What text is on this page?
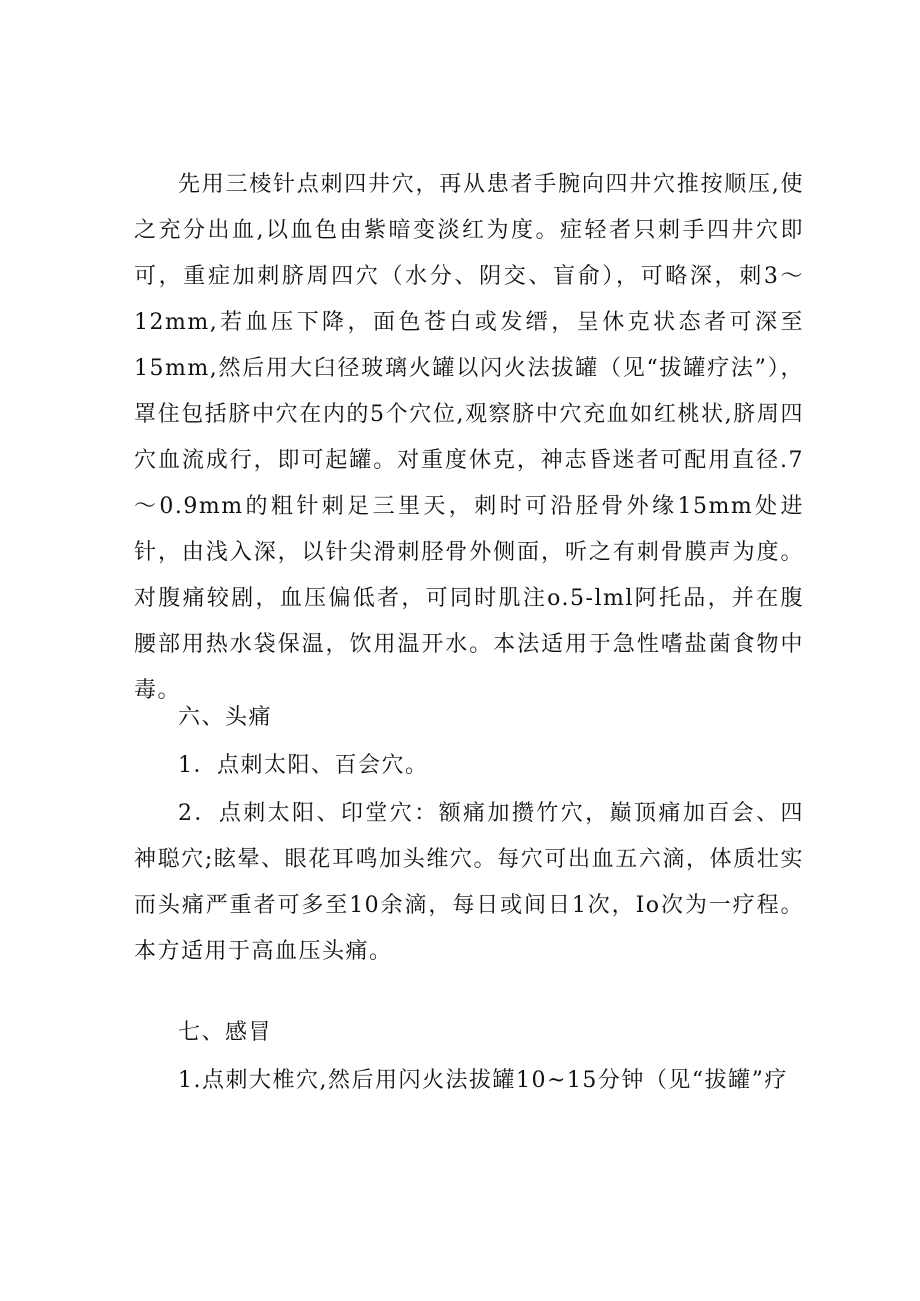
先用三棱针点刺四井穴，再从患者手腕向四井穴推按顺压,使之充分出血,以血色由紫暗变淡红为度。症轻者只刺手四井穴即可，重症加刺脐周四穴（水分、阴交、盲俞），可略深，刺3～12mm,若血压下降，面色苍白或发缙，呈休克状态者可深至15mm,然后用大臼径玻璃火罐以闪火法拔罐（见“拔罐疗法”），罩住包括脐中穴在内的5个穴位,观察脐中穴充血如红桃状,脐周四穴血流成行，即可起罐。对重度休克，神志昏迷者可配用直径.7～0.9mm的粗针刺足三里天，刺时可沿胫骨外缘15mm处进针，由浅入深，以针尖滑刺胫骨外侧面，听之有刺骨膜声为度。对腹痛较剧，血压偏低者，可同时肌注o.5-lml阿托品，并在腹腰部用热水袋保温，饮用温开水。本法适用于急性嗜盐菌食物中毒。

六、头痛

1．点刺太阳、百会穴。

2．点刺太阳、印堂穴：额痛加攒竹穴，巅顶痛加百会、四神聪穴;眩晕、眼花耳鸣加头维穴。每穴可出血五六滴，体质壮实而头痛严重者可多至10余滴，每日或间日1次，Io次为一疗程。本方适用于高血压头痛。

七、感冒

1.点刺大椎穴,然后用闪火法拔罐10~15分钟（见“拔罐”疗
